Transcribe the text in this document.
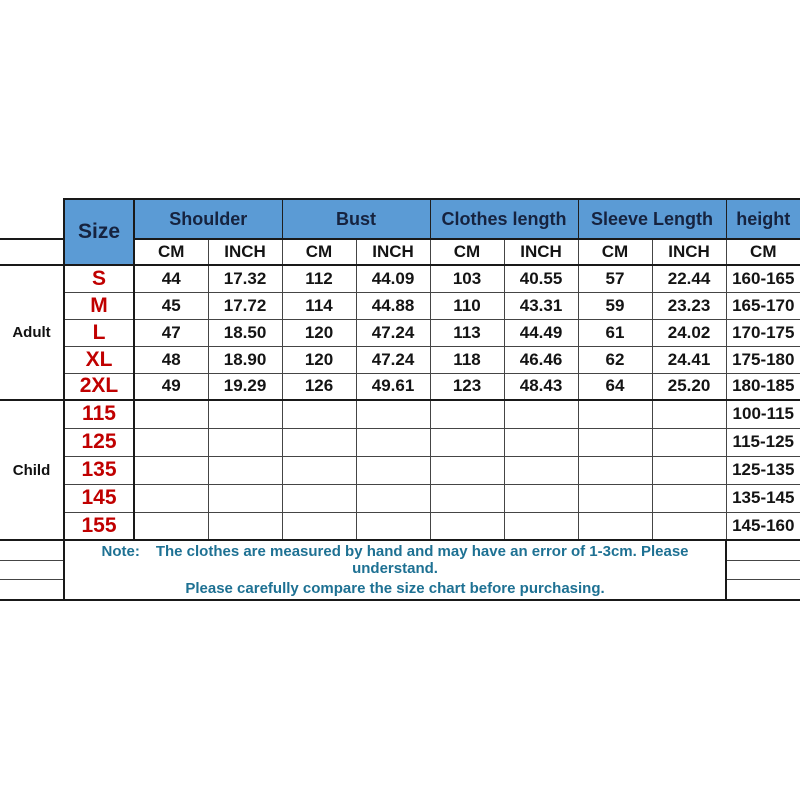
	Size	Shoulder		Bust		Clothes length		Sleeve Length		height
		CM	INCH	CM	INCH	CM	INCH	CM	INCH	CM
Adult	S	44	17.32	112	44.09	103	40.55	57	22.44	160-165
	M	45	17.72	114	44.88	110	43.31	59	23.23	165-170
	L	47	18.50	120	47.24	113	44.49	61	24.02	170-175
	XL	48	18.90	120	47.24	118	46.46	62	24.41	175-180
	2XL	49	19.29	126	49.61	123	48.43	64	25.20	180-185
Child	115									100-115
	125									115-125
	135									125-135
	145									135-145
	155									145-160

	Note: The clothes are measured by hand and may have an error of 1-3cm. Please understand.
Please carefully compare the size chart before purchasing.									
